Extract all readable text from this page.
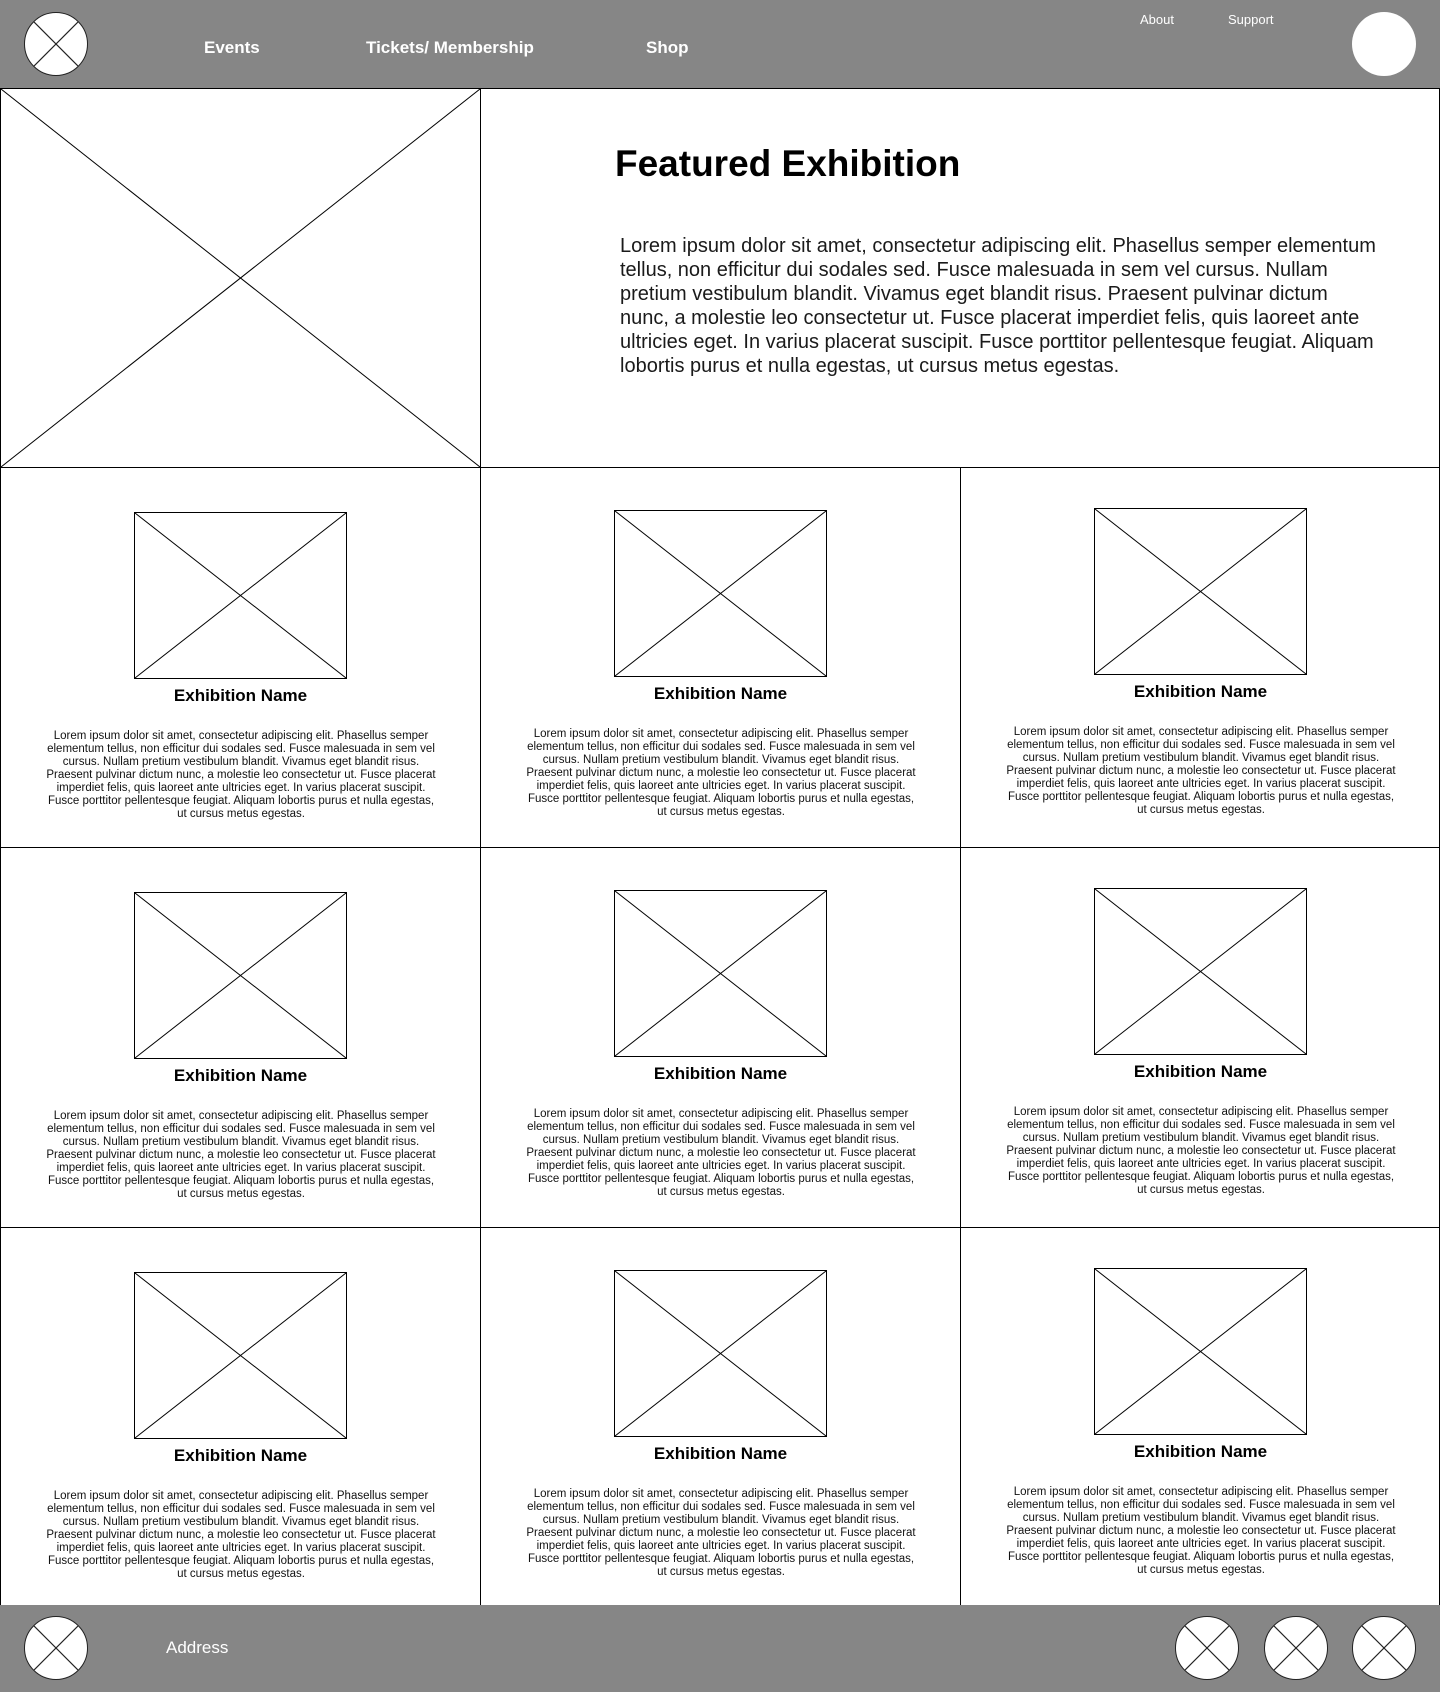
Events	Tickets/ Membership	Shop
About	Support
Featured Exhibition
Lorem ipsum dolor sit amet, consectetur adipiscing elit. Phasellus semper elementum tellus, non efficitur dui sodales sed. Fusce malesuada in sem vel cursus. Nullam pretium vestibulum blandit. Vivamus eget blandit risus. Praesent pulvinar dictum nunc, a molestie leo consectetur ut. Fusce placerat imperdiet felis, quis laoreet ante ultricies eget. In varius placerat suscipit. Fusce porttitor pellentesque feugiat. Aliquam lobortis purus et nulla egestas, ut cursus metus egestas.
Exhibition Name
Lorem ipsum dolor sit amet, consectetur adipiscing elit. Phasellus semper elementum tellus, non efficitur dui sodales sed. Fusce malesuada in sem vel cursus. Nullam pretium vestibulum blandit. Vivamus eget blandit risus. Praesent pulvinar dictum nunc, a molestie leo consectetur ut. Fusce placerat imperdiet felis, quis laoreet ante ultricies eget. In varius placerat suscipit. Fusce porttitor pellentesque feugiat. Aliquam lobortis purus et nulla egestas, ut cursus metus egestas.
Exhibition Name
Lorem ipsum dolor sit amet, consectetur adipiscing elit. Phasellus semper elementum tellus, non efficitur dui sodales sed. Fusce malesuada in sem vel cursus. Nullam pretium vestibulum blandit. Vivamus eget blandit risus. Praesent pulvinar dictum nunc, a molestie leo consectetur ut. Fusce placerat imperdiet felis, quis laoreet ante ultricies eget. In varius placerat suscipit. Fusce porttitor pellentesque feugiat. Aliquam lobortis purus et nulla egestas, ut cursus metus egestas.
Exhibition Name
Lorem ipsum dolor sit amet, consectetur adipiscing elit. Phasellus semper elementum tellus, non efficitur dui sodales sed. Fusce malesuada in sem vel cursus. Nullam pretium vestibulum blandit. Vivamus eget blandit risus. Praesent pulvinar dictum nunc, a molestie leo consectetur ut. Fusce placerat imperdiet felis, quis laoreet ante ultricies eget. In varius placerat suscipit. Fusce porttitor pellentesque feugiat. Aliquam lobortis purus et nulla egestas, ut cursus metus egestas.
Exhibition Name
Lorem ipsum dolor sit amet, consectetur adipiscing elit. Phasellus semper elementum tellus, non efficitur dui sodales sed. Fusce malesuada in sem vel cursus. Nullam pretium vestibulum blandit. Vivamus eget blandit risus. Praesent pulvinar dictum nunc, a molestie leo consectetur ut. Fusce placerat imperdiet felis, quis laoreet ante ultricies eget. In varius placerat suscipit. Fusce porttitor pellentesque feugiat. Aliquam lobortis purus et nulla egestas, ut cursus metus egestas.
Exhibition Name
Lorem ipsum dolor sit amet, consectetur adipiscing elit. Phasellus semper elementum tellus, non efficitur dui sodales sed. Fusce malesuada in sem vel cursus. Nullam pretium vestibulum blandit. Vivamus eget blandit risus. Praesent pulvinar dictum nunc, a molestie leo consectetur ut. Fusce placerat imperdiet felis, quis laoreet ante ultricies eget. In varius placerat suscipit. Fusce porttitor pellentesque feugiat. Aliquam lobortis purus et nulla egestas, ut cursus metus egestas.
Exhibition Name
Lorem ipsum dolor sit amet, consectetur adipiscing elit. Phasellus semper elementum tellus, non efficitur dui sodales sed. Fusce malesuada in sem vel cursus. Nullam pretium vestibulum blandit. Vivamus eget blandit risus. Praesent pulvinar dictum nunc, a molestie leo consectetur ut. Fusce placerat imperdiet felis, quis laoreet ante ultricies eget. In varius placerat suscipit. Fusce porttitor pellentesque feugiat. Aliquam lobortis purus et nulla egestas, ut cursus metus egestas.
Exhibition Name
Lorem ipsum dolor sit amet, consectetur adipiscing elit. Phasellus semper elementum tellus, non efficitur dui sodales sed. Fusce malesuada in sem vel cursus. Nullam pretium vestibulum blandit. Vivamus eget blandit risus. Praesent pulvinar dictum nunc, a molestie leo consectetur ut. Fusce placerat imperdiet felis, quis laoreet ante ultricies eget. In varius placerat suscipit. Fusce porttitor pellentesque feugiat. Aliquam lobortis purus et nulla egestas, ut cursus metus egestas.
Exhibition Name
Lorem ipsum dolor sit amet, consectetur adipiscing elit. Phasellus semper elementum tellus, non efficitur dui sodales sed. Fusce malesuada in sem vel cursus. Nullam pretium vestibulum blandit. Vivamus eget blandit risus. Praesent pulvinar dictum nunc, a molestie leo consectetur ut. Fusce placerat imperdiet felis, quis laoreet ante ultricies eget. In varius placerat suscipit. Fusce porttitor pellentesque feugiat. Aliquam lobortis purus et nulla egestas, ut cursus metus egestas.
Exhibition Name
Lorem ipsum dolor sit amet, consectetur adipiscing elit. Phasellus semper elementum tellus, non efficitur dui sodales sed. Fusce malesuada in sem vel cursus. Nullam pretium vestibulum blandit. Vivamus eget blandit risus. Praesent pulvinar dictum nunc, a molestie leo consectetur ut. Fusce placerat imperdiet felis, quis laoreet ante ultricies eget. In varius placerat suscipit. Fusce porttitor pellentesque feugiat. Aliquam lobortis purus et nulla egestas, ut cursus metus egestas.
Address
